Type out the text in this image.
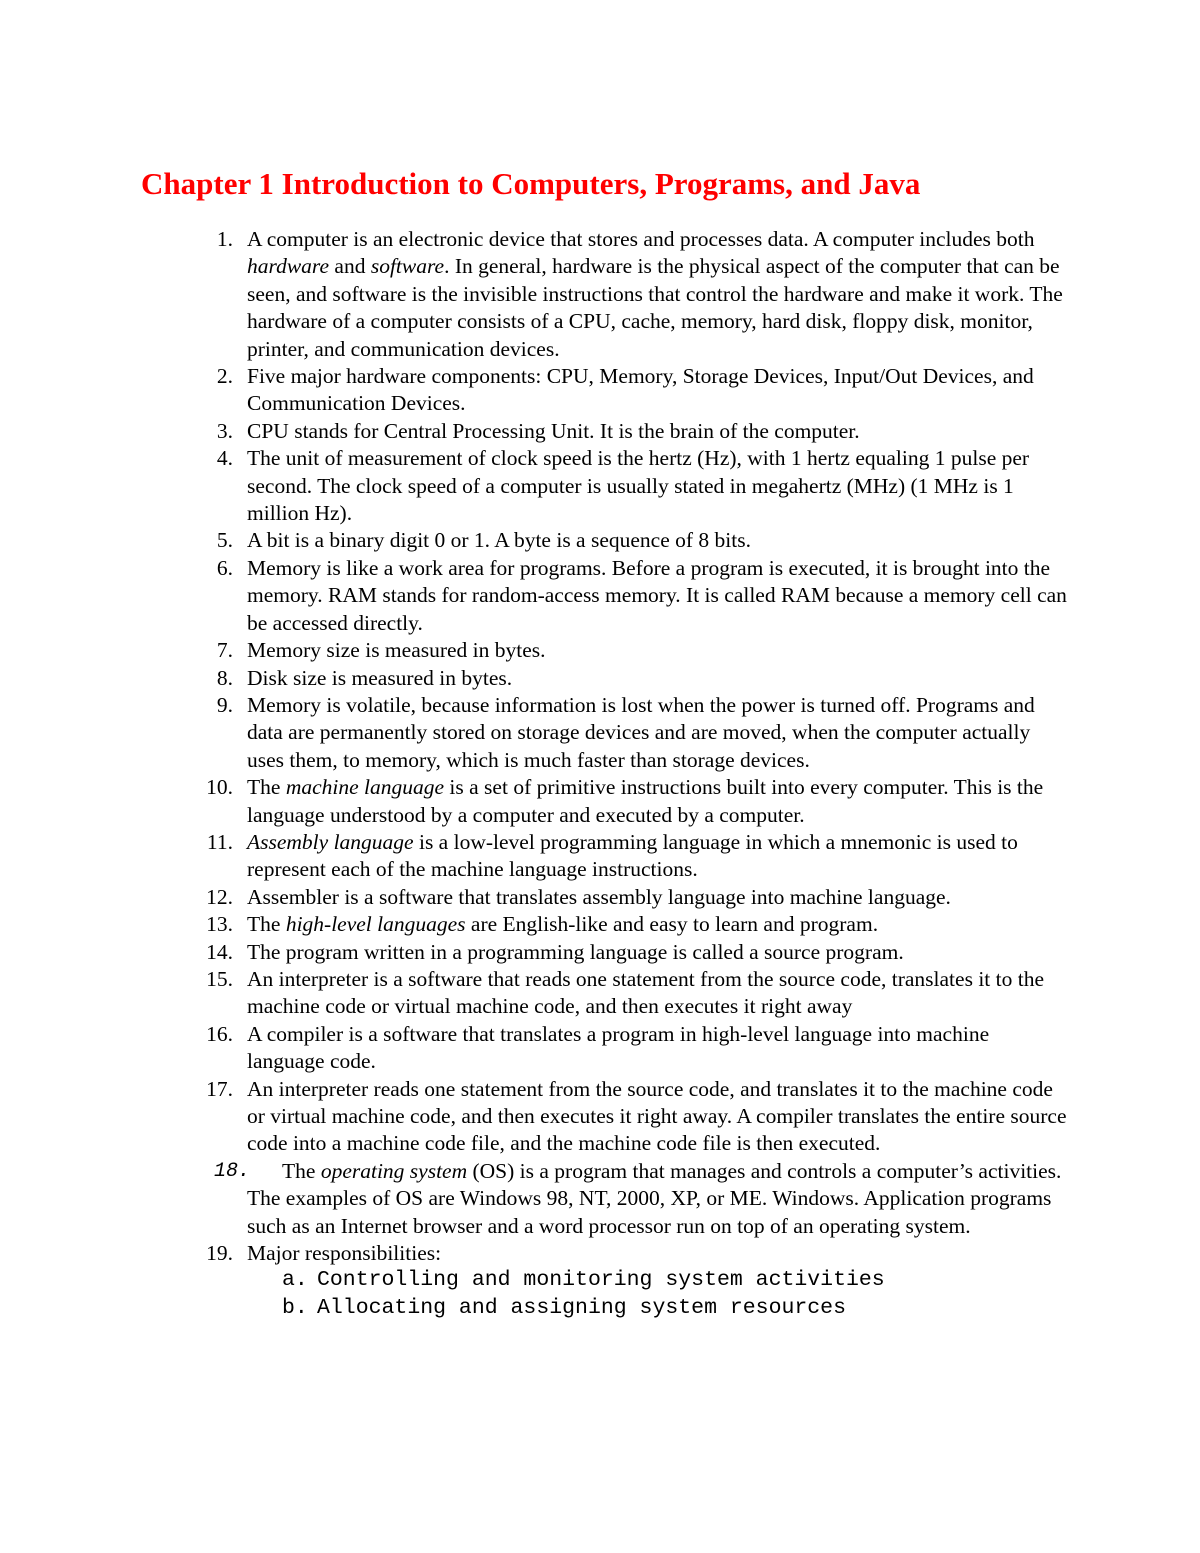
Chapter 1 Introduction to Computers, Programs, and Java
1. A computer is an electronic device that stores and processes data. A computer includes both hardware and software. In general, hardware is the physical aspect of the computer that can be seen, and software is the invisible instructions that control the hardware and make it work. The hardware of a computer consists of a CPU, cache, memory, hard disk, floppy disk, monitor, printer, and communication devices.
2. Five major hardware components: CPU, Memory, Storage Devices, Input/Out Devices, and Communication Devices.
3. CPU stands for Central Processing Unit. It is the brain of the computer.
4. The unit of measurement of clock speed is the hertz (Hz), with 1 hertz equaling 1 pulse per second. The clock speed of a computer is usually stated in megahertz (MHz) (1 MHz is 1 million Hz).
5. A bit is a binary digit 0 or 1. A byte is a sequence of 8 bits.
6. Memory is like a work area for programs. Before a program is executed, it is brought into the memory. RAM stands for random-access memory. It is called RAM because a memory cell can be accessed directly.
7. Memory size is measured in bytes.
8. Disk size is measured in bytes.
9. Memory is volatile, because information is lost when the power is turned off. Programs and data are permanently stored on storage devices and are moved, when the computer actually uses them, to memory, which is much faster than storage devices.
10. The machine language is a set of primitive instructions built into every computer. This is the language understood by a computer and executed by a computer.
11. Assembly language is a low-level programming language in which a mnemonic is used to represent each of the machine language instructions.
12. Assembler is a software that translates assembly language into machine language.
13. The high-level languages are English-like and easy to learn and program.
14. The program written in a programming language is called a source program.
15. An interpreter is a software that reads one statement from the source code, translates it to the machine code or virtual machine code, and then executes it right away
16. A compiler is a software that translates a program in high-level language into machine language code.
17. An interpreter reads one statement from the source code, and translates it to the machine code or virtual machine code, and then executes it right away. A compiler translates the entire source code into a machine code file, and the machine code file is then executed.
18.	The operating system (OS) is a program that manages and controls a computer’s activities. The examples of OS are Windows 98, NT, 2000, XP, or ME. Windows. Application programs such as an Internet browser and a word processor run on top of an operating system.
19. Major responsibilities:
a. Controlling and monitoring system activities
b. Allocating and assigning system resources
